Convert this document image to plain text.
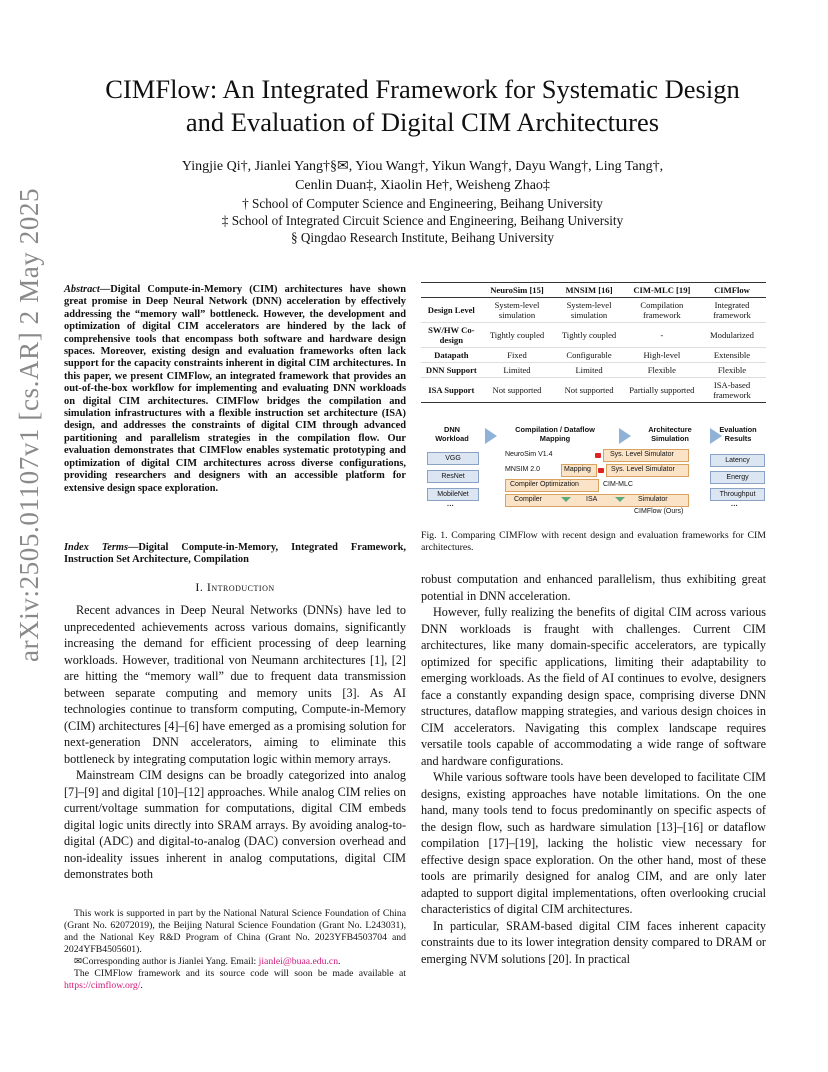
arXiv:2505.01107v1 [cs.AR] 2 May 2025
CIMFlow: An Integrated Framework for Systematic Design
and Evaluation of Digital CIM Architectures
Yingjie Qi†, Jianlei Yang†§✉, Yiou Wang†, Yikun Wang†, Dayu Wang†, Ling Tang†,
Cenlin Duan‡, Xiaolin He†, Weisheng Zhao‡
† School of Computer Science and Engineering, Beihang University
‡ School of Integrated Circuit Science and Engineering, Beihang University
§ Qingdao Research Institute, Beihang University
Abstract—Digital Compute-in-Memory (CIM) architectures have shown great promise in Deep Neural Network (DNN) acceleration by effectively addressing the “memory wall” bottleneck. However, the development and optimization of digital CIM accelerators are hindered by the lack of comprehensive tools that encompass both software and hardware design spaces. Moreover, existing design and evaluation frameworks often lack support for the capacity constraints inherent in digital CIM architectures. In this paper, we present CIMFlow, an integrated framework that provides an out-of-the-box workflow for implementing and evaluating DNN workloads on digital CIM architectures. CIMFlow bridges the compilation and simulation infrastructures with a flexible instruction set architecture (ISA) design, and addresses the constraints of digital CIM through advanced partitioning and parallelism strategies in the compilation flow. Our evaluation demonstrates that CIMFlow enables systematic prototyping and optimization of digital CIM architectures across diverse configurations, providing researchers and designers with an accessible platform for extensive design space exploration.
Index Terms—Digital Compute-in-Memory, Integrated Framework, Instruction Set Architecture, Compilation
I. Introduction

Recent advances in Deep Neural Networks (DNNs) have led to unprecedented achievements across various domains, significantly increasing the demand for efficient processing of deep learning workloads. However, traditional von Neumann architectures [1], [2] are hitting the “memory wall” due to frequent data transmission between separate computing and memory units [3]. As AI technologies continue to transform computing, Compute-in-Memory (CIM) architectures [4]–[6] have emerged as a promising solution for next-generation DNN accelerators, aiming to eliminate this bottleneck by integrating computation logic within memory arrays.

Mainstream CIM designs can be broadly categorized into analog [7]–[9] and digital [10]–[12] approaches. While analog CIM relies on current/voltage summation for computations, digital CIM embeds digital logic units directly into SRAM arrays. By avoiding analog-to-digital (ADC) and digital-to-analog (DAC) conversion overhead and non-ideality issues inherent in analog computations, digital CIM demonstrates both

This work is supported in part by the National Natural Science Foundation of China (Grant No. 62072019), the Beijing Natural Science Foundation (Grant No. L243031), and the National Key R&D Program of China (Grant No. 2023YFB4503704 and 2024YFB4505601).

✉Corresponding author is Jianlei Yang. Email: jianlei@buaa.edu.cn.

The CIMFlow framework and its source code will soon be made available at https://cimflow.org/.

	NeuroSim [15]	MNSIM [16]	CIM-MLC [19]	CIMFlow
Design Level	System-level simulation	System-level simulation	Compilation framework	Integrated framework
SW/HW Co-design	Tightly coupled	Tightly coupled	-	Modularized
Datapath	Fixed	Configurable	High-level	Extensible
DNN Support	Limited	Limited	Flexible	Flexible
ISA Support	Not supported	Not supported	Partially supported	ISA-based framework
DNN Workload
Compilation / Dataflow Mapping
Architecture Simulation
Evaluation Results
VGG
ResNet
MobileNet
···
NeuroSim V1.4	Sys. Level Simulator
MNSIM 2.0	Mapping	Sys. Level Simulator
Compiler Optimization	CIM-MLC
Compiler	ISA	Simulator
CIMFlow (Ours)
Latency
Energy
Throughput
···
Fig. 1. Comparing CIMFlow with recent design and evaluation frameworks for CIM architectures.

robust computation and enhanced parallelism, thus exhibiting great potential in DNN acceleration.

However, fully realizing the benefits of digital CIM across various DNN workloads is fraught with challenges. Current CIM architectures, like many domain-specific accelerators, are typically optimized for specific applications, limiting their adaptability to emerging workloads. As the field of AI continues to evolve, designers face a constantly expanding design space, comprising diverse DNN structures, dataflow mapping strategies, and various design choices in CIM accelerators. Navigating this complex landscape requires versatile tools capable of accommodating a wide range of software and hardware configurations.

While various software tools have been developed to facilitate CIM designs, existing approaches have notable limitations. On the one hand, many tools tend to focus predominantly on specific aspects of the design flow, such as hardware simulation [13]–[16] or dataflow compilation [17]–[19], lacking the holistic view necessary for effective design space exploration. On the other hand, most of these tools are primarily designed for analog CIM, and are only later adapted to support digital implementations, often overlooking crucial characteristics of digital CIM architectures.

In particular, SRAM-based digital CIM faces inherent capacity constraints due to its lower integration density compared to DRAM or emerging NVM solutions [20]. In practical
